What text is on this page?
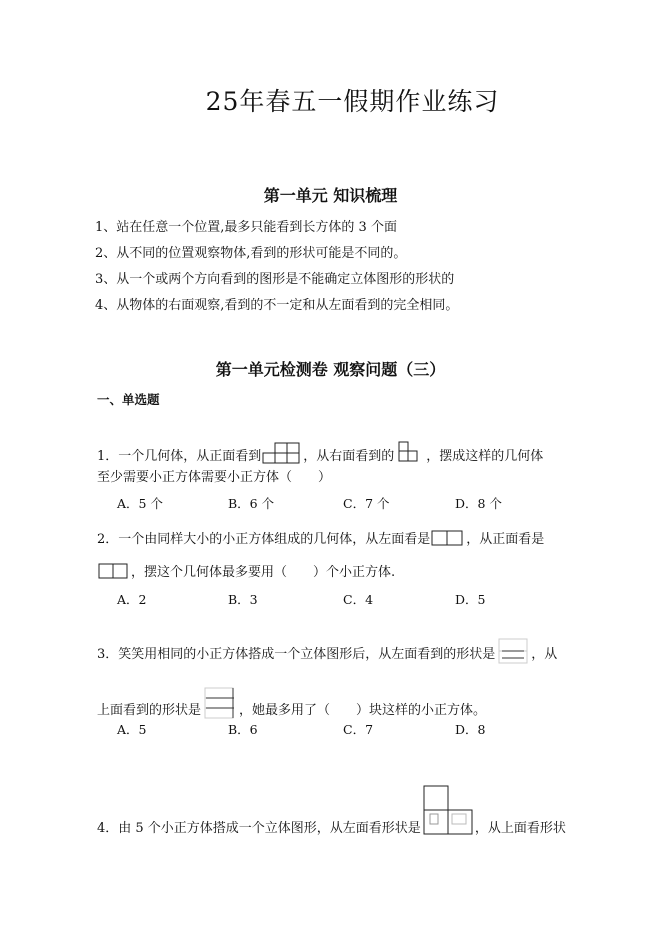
25年春五一假期作业练习
第一单元 知识梳理
1、站在任意一个位置,最多只能看到长方体的 3 个面
2、从不同的位置观察物体,看到的形状可能是不同的。
3、从一个或两个方向看到的图形是不能确定立体图形的形状的
4、从物体的右面观察,看到的不一定和从左面看到的完全相同。
第一单元检测卷 观察问题（三）
一、单选题
1．一个几何体，从正面看到	，从右面看到的 ，摆成这样的几何体
至少需要小正方体需要小正方体（　　）
A．5 个	B．6 个	C．7 个	D．8 个
2．一个由同样大小的小正方体组成的几何体，从左面看是	，从正面看是
，摆这个几何体最多要用（　　）个小正方体.
A．2	B．3	C．4	D．5
3．笑笑用相同的小正方体搭成一个立体图形后，从左面看到的形状是	，从
上面看到的形状是	，她最多用了（　　）块这样的小正方体。
A．5	B．6	C．7	D．8
4．由 5 个小正方体搭成一个立体图形，从左面看形状是	，从上面看形状
